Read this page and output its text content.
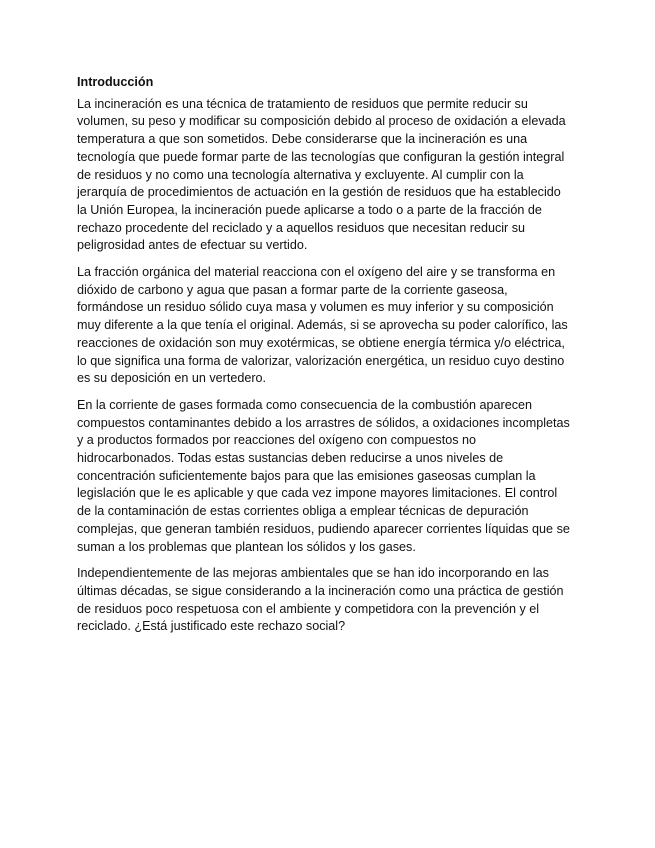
Introducción
La incineración es una técnica de tratamiento de residuos que permite reducir su
volumen, su peso y modificar su composición debido al proceso de oxidación a elevada
temperatura a que son sometidos. Debe considerarse que la incineración es una
tecnología que puede formar parte de las tecnologías que configuran la gestión integral
de residuos y no como una tecnología alternativa y excluyente. Al cumplir con la
jerarquía de procedimientos de actuación en la gestión de residuos que ha establecido
la Unión Europea, la incineración puede aplicarse a todo o a parte de la fracción de
rechazo procedente del reciclado y a aquellos residuos que necesitan reducir su
peligrosidad antes de efectuar su vertido.
La fracción orgánica del material reacciona con el oxígeno del aire y se transforma en
dióxido de carbono y agua que pasan a formar parte de la corriente gaseosa,
formándose un residuo sólido cuya masa y volumen es muy inferior y su composición
muy diferente a la que tenía el original. Además, si se aprovecha su poder calorífico, las
reacciones de oxidación son muy exotérmicas, se obtiene energía térmica y/o eléctrica,
lo que significa una forma de valorizar, valorización energética, un residuo cuyo destino
es su deposición en un vertedero.
En la corriente de gases formada como consecuencia de la combustión aparecen
compuestos contaminantes debido a los arrastres de sólidos, a oxidaciones incompletas
y a productos formados por reacciones del oxígeno con compuestos no
hidrocarbonados. Todas estas sustancias deben reducirse a unos niveles de
concentración suficientemente bajos para que las emisiones gaseosas cumplan la
legislación que le es aplicable y que cada vez impone mayores limitaciones. El control
de la contaminación de estas corrientes obliga a emplear técnicas de depuración
complejas, que generan también residuos, pudiendo aparecer corrientes líquidas que se
suman a los problemas que plantean los sólidos y los gases.
Independientemente de las mejoras ambientales que se han ido incorporando en las
últimas décadas, se sigue considerando a la incineración como una práctica de gestión
de residuos poco respetuosa con el ambiente y competidora con la prevención y el
reciclado. ¿Está justificado este rechazo social?
